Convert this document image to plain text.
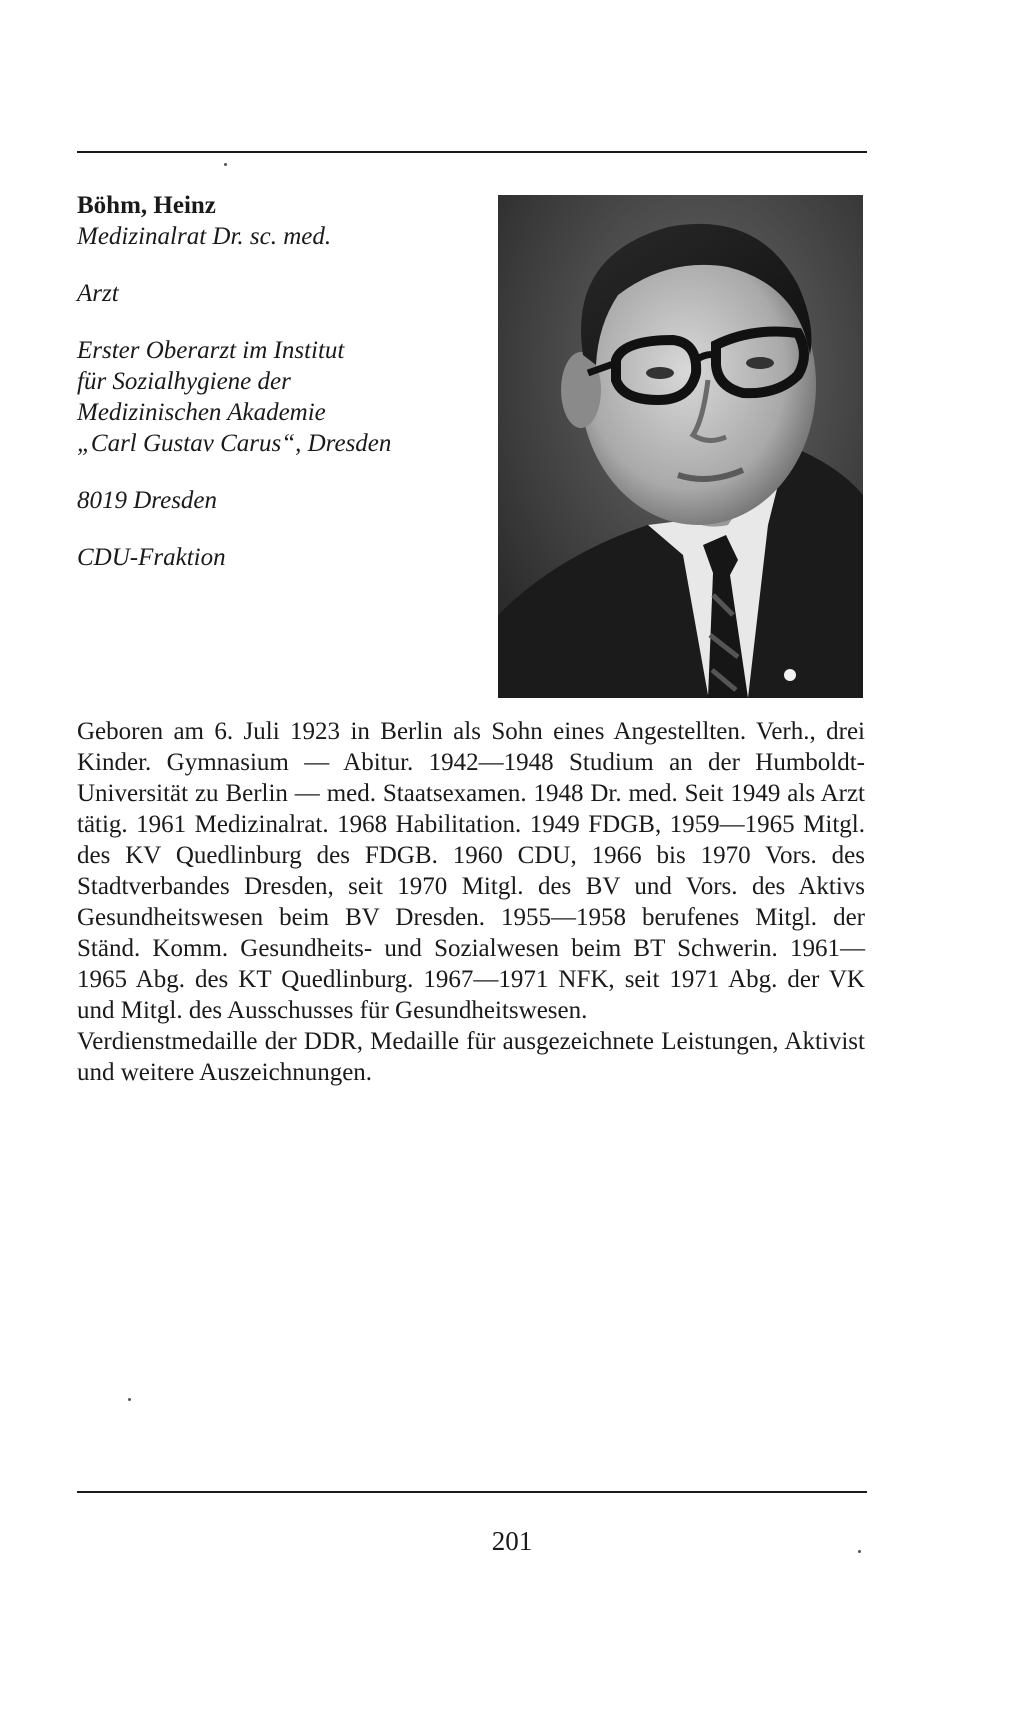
Böhm, Heinz

Medizinalrat Dr. sc. med.

Arzt

Erster Oberarzt im Institut

für Sozialhygiene der

Medizinischen Akademie

„Carl Gustav Carus“, Dresden

8019 Dresden

CDU-Fraktion

Geboren am 6. Juli 1923 in Berlin als Sohn eines Angestellten. Verh., drei Kinder. Gymnasium — Abitur. 1942—1948 Studium an der Humboldt-Universität zu Berlin — med. Staatsexamen. 1948 Dr. med. Seit 1949 als Arzt tätig. 1961 Medizinalrat. 1968 Habilitation. 1949 FDGB, 1959—1965 Mitgl. des KV Quedlinburg des FDGB. 1960 CDU, 1966 bis 1970 Vors. des Stadtverbandes Dresden, seit 1970 Mitgl. des BV und Vors. des Aktivs Gesundheitswesen beim BV Dresden. 1955—1958 berufenes Mitgl. der Ständ. Komm. Gesundheits- und Sozialwesen beim BT Schwerin. 1961—1965 Abg. des KT Quedlinburg. 1967—1971 NFK, seit 1971 Abg. der VK und Mitgl. des Ausschusses für Gesundheitswesen.

Verdienstmedaille der DDR, Medaille für ausgezeichnete Leistungen, Aktivist und weitere Auszeichnungen.

201
